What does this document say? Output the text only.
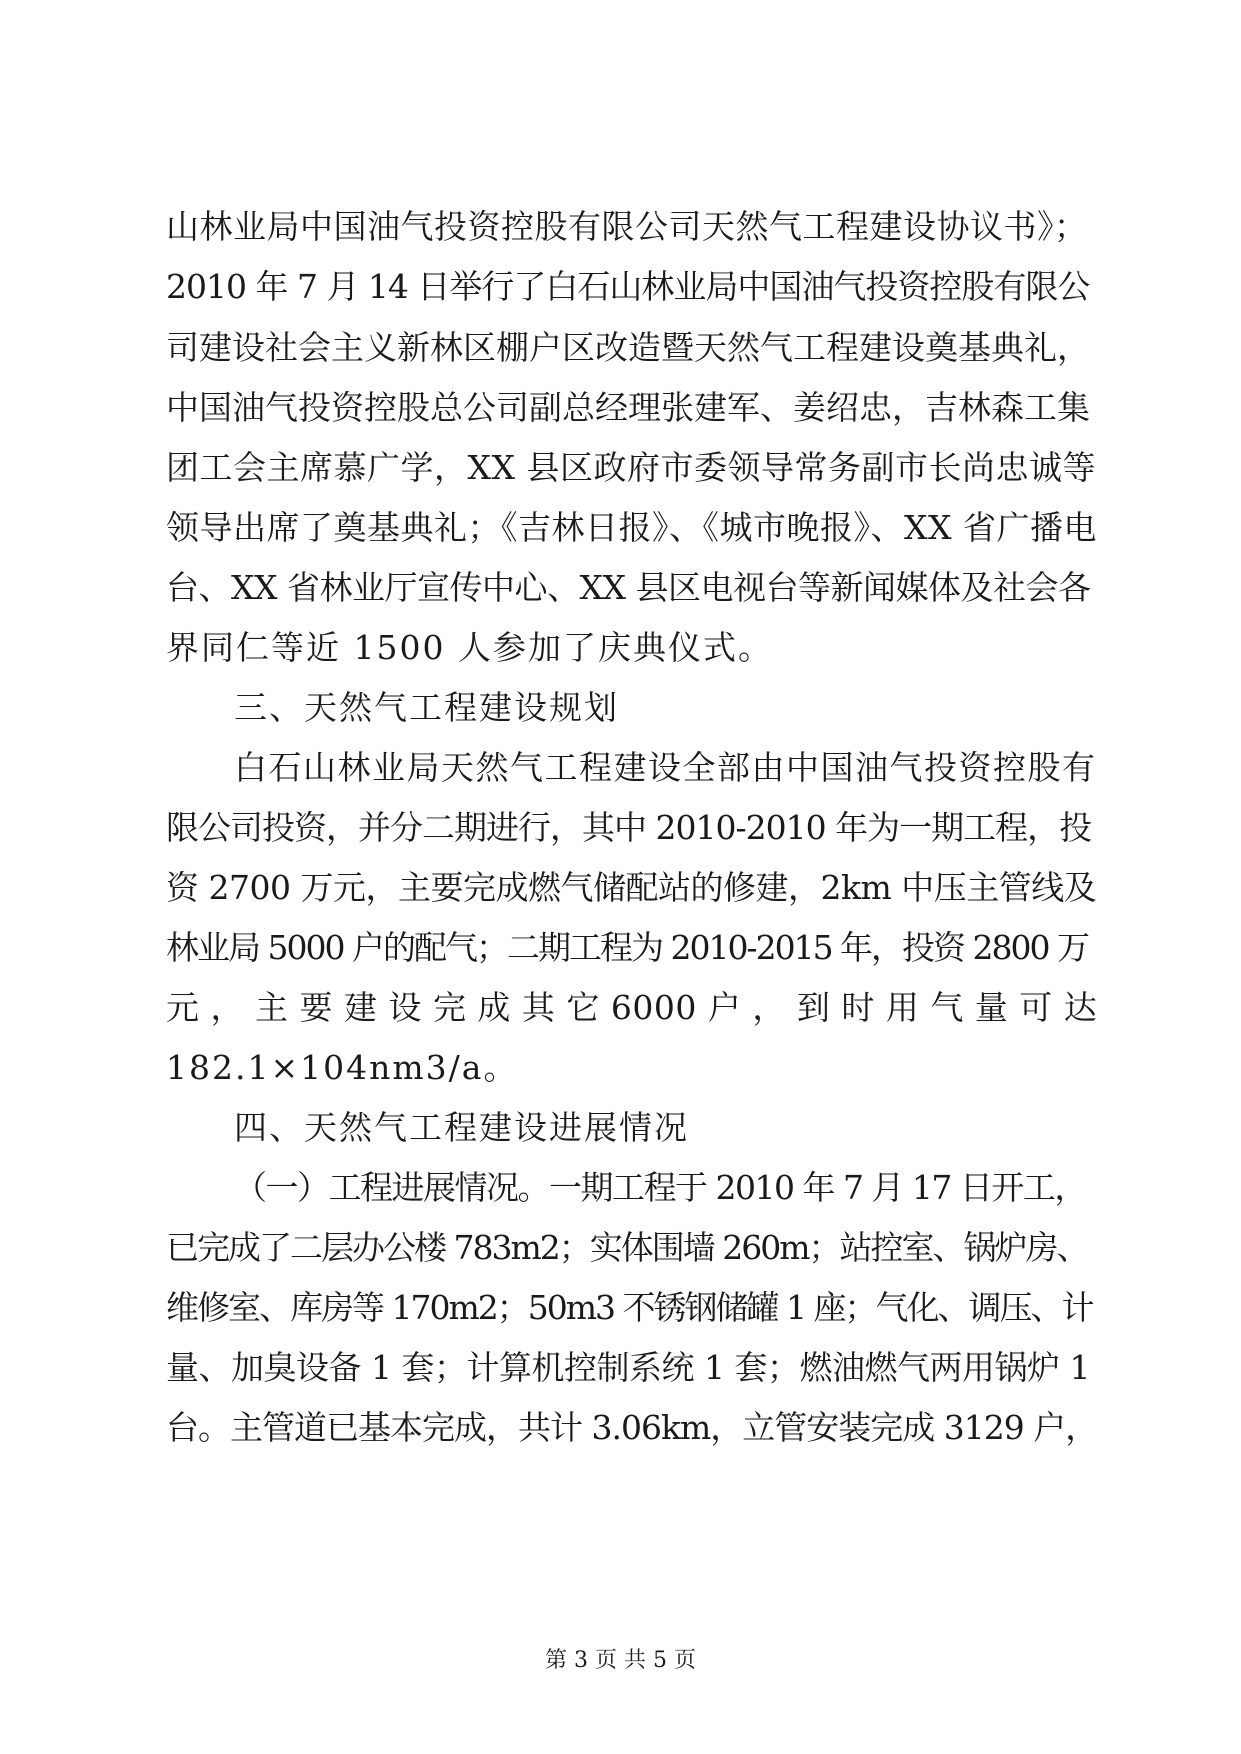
山林业局中国油气投资控股有限公司天然气工程建设协议书》；
2010 年 7 月 14 日举行了白石山林业局中国油气投资控股有限公
司建设社会主义新林区棚户区改造暨天然气工程建设奠基典礼，
中国油气投资控股总公司副总经理张建军、姜绍忠，吉林森工集
团工会主席慕广学，XX 县区政府市委领导常务副市长尚忠诚等
领导出席了奠基典礼；《吉林日报》、《城市晚报》、XX 省广播电
台、XX 省林业厅宣传中心、XX 县区电视台等新闻媒体及社会各
界同仁等近 1500 人参加了庆典仪式。
三、天然气工程建设规划
白石山林业局天然气工程建设全部由中国油气投资控股有
限公司投资，并分二期进行，其中 2010-2010 年为一期工程，投
资 2700 万元，主要完成燃气储配站的修建，2km 中压主管线及
林业局 5000 户的配气；二期工程为 2010-2015 年，投资 2800 万
元 ， 主 要 建 设 完 成 其 它 6000 户 ， 到 时 用 气 量 可 达
182.1×104nm3/a。
四、天然气工程建设进展情况
（一）工程进展情况。一期工程于 2010 年 7 月 17 日开工，
已完成了二层办公楼 783m2；实体围墙 260m；站控室、锅炉房、
维修室、库房等 170m2；50m3 不锈钢储罐 1 座；气化、调压、计
量、加臭设备 1 套；计算机控制系统 1 套；燃油燃气两用锅炉 1
台。主管道已基本完成，共计 3.06km，立管安装完成 3129 户，
第 3 页 共 5 页
